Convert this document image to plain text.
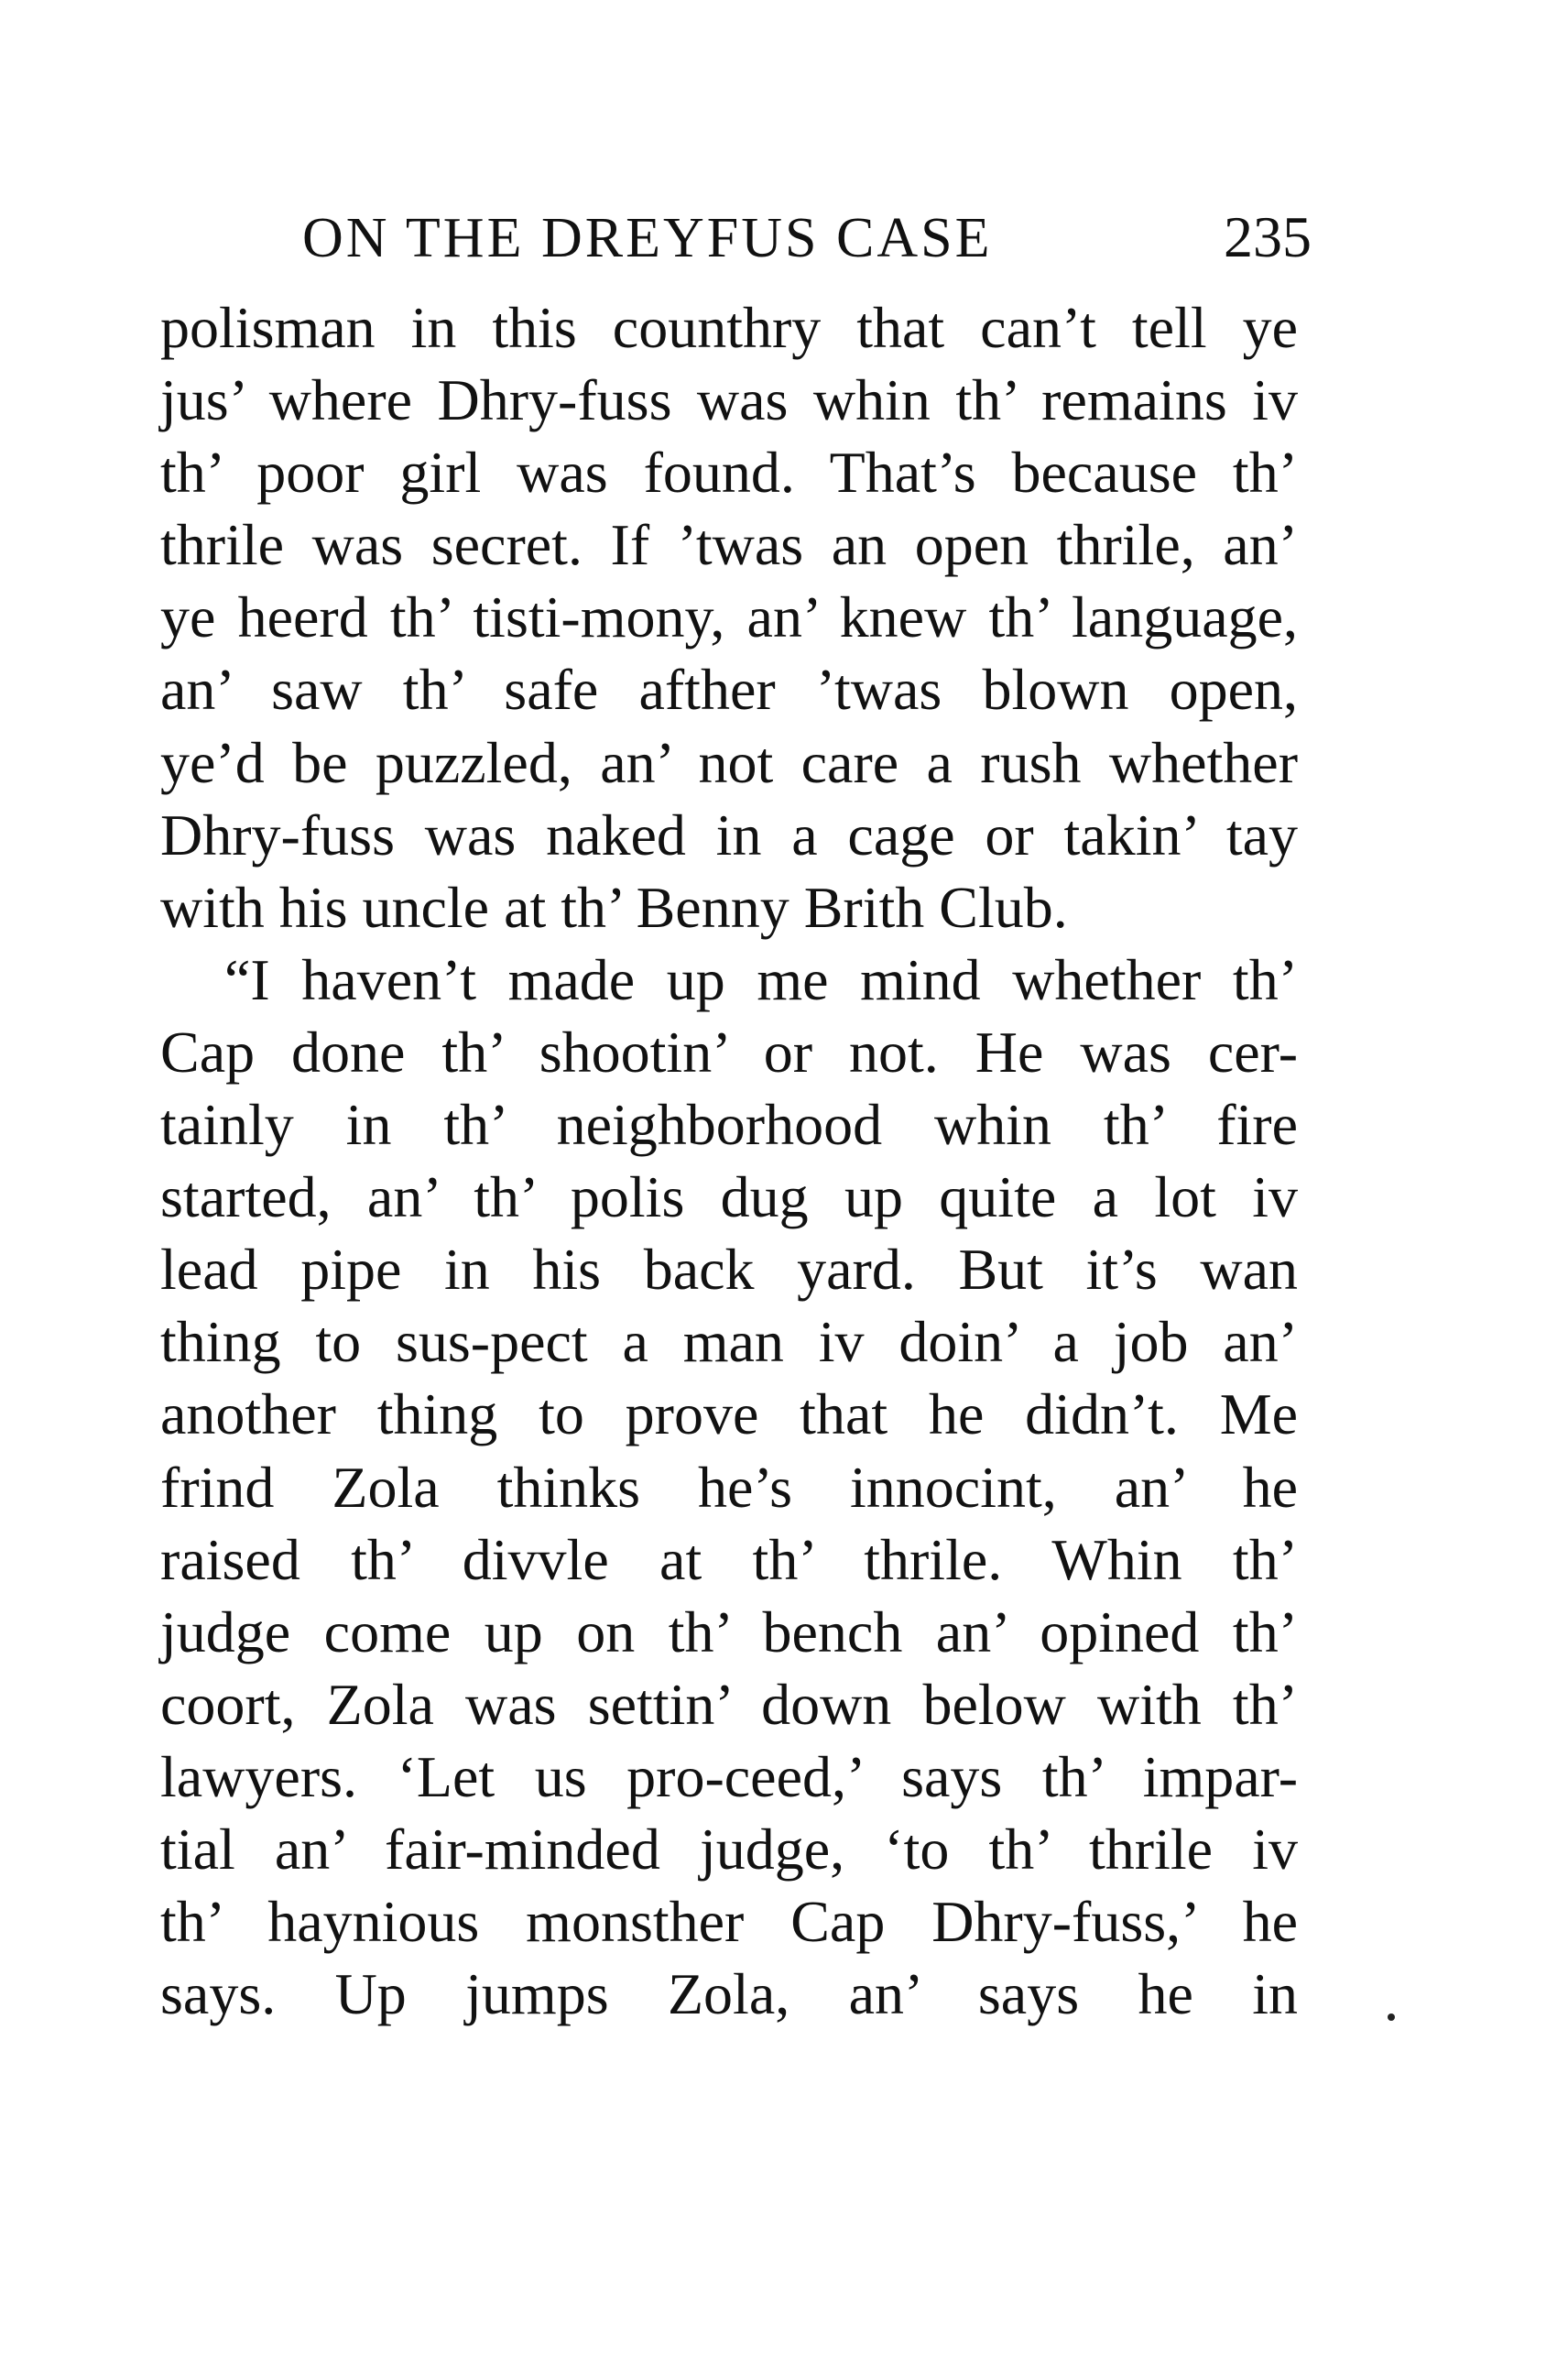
ON THE DREYFUS CASE	235
polisman in this counthry that can’t tell ye
jus’ where Dhry-fuss was whin th’ remains iv
th’ poor girl was found. That’s because th’
thrile was secret. If ’twas an open thrile, an’
ye heerd th’ tisti-mony, an’ knew th’ language,
an’ saw th’ safe afther ’twas blown open,
ye’d be puzzled, an’ not care a rush whether
Dhry-fuss was naked in a cage or takin’ tay
with his uncle at th’ Benny Brith Club.
“I haven’t made up me mind whether th’
Cap done th’ shootin’ or not. He was cer-
tainly in th’ neighborhood whin th’ fire
started, an’ th’ polis dug up quite a lot iv
lead pipe in his back yard. But it’s wan
thing to sus-pect a man iv doin’ a job an’
another thing to prove that he didn’t. Me
frind Zola thinks he’s innocint, an’ he
raised th’ divvle at th’ thrile. Whin th’
judge come up on th’ bench an’ opined th’
coort, Zola was settin’ down below with th’
lawyers. ‘Let us pro-ceed,’ says th’ impar-
tial an’ fair-minded judge, ‘to th’ thrile iv
th’ haynious monsther Cap Dhry-fuss,’ he
says. Up jumps Zola, an’ says he in
